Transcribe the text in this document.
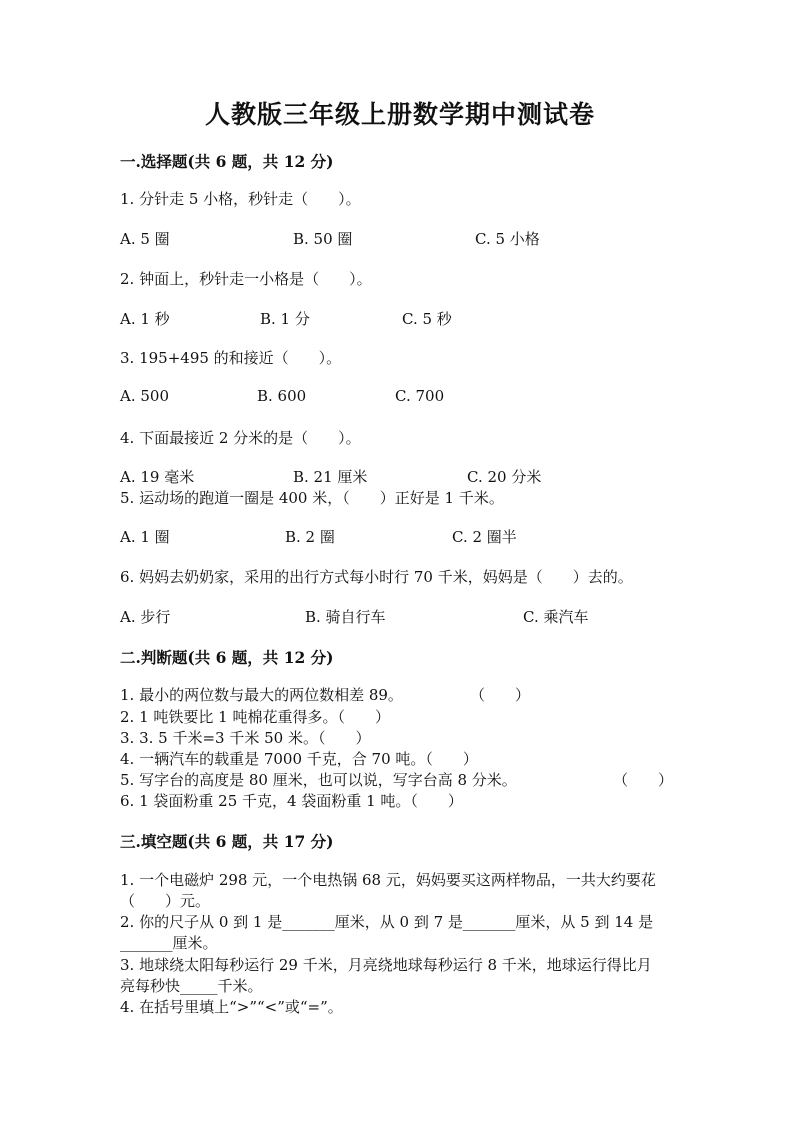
人教版三年级上册数学期中测试卷
一.选择题(共 6 题，共 12 分)
1. 分针走 5 小格，秒针走（　　）。
A. 5 圈	B. 50 圈	C. 5 小格
2. 钟面上，秒针走一小格是（　　）。
A. 1 秒	B. 1 分	C. 5 秒
3. 195+495 的和接近（　　）。
A. 500	B. 600	C. 700
4. 下面最接近 2 分米的是（　　）。
A. 19 毫米	B. 21 厘米	C. 20 分米
5. 运动场的跑道一圈是 400 米，（　　）正好是 1 千米。
A. 1 圈	B. 2 圈	C. 2 圈半
6. 妈妈去奶奶家，采用的出行方式每小时行 70 千米，妈妈是（　　）去的。
A. 步行	B. 骑自行车	C. 乘汽车
二.判断题(共 6 题，共 12 分)
1. 最小的两位数与最大的两位数相差 89。	（　　）
2. 1 吨铁要比 1 吨棉花重得多。（　　）
3. 3. 5 千米=3 千米 50 米。（　　）
4. 一辆汽车的载重是 7000 千克，合 70 吨。（　　）
5. 写字台的高度是 80 厘米，也可以说，写字台高 8 分米。	（　　）
6. 1 袋面粉重 25 千克，4 袋面粉重 1 吨。（　　）
三.填空题(共 6 题，共 17 分)
1. 一个电磁炉 298 元，一个电热锅 68 元，妈妈要买这两样物品，一共大约要花
（　　）元。
2. 你的尺子从 0 到 1 是_______厘米，从 0 到 7 是_______厘米，从 5 到 14 是
_______厘米。
3. 地球绕太阳每秒运行 29 千米，月亮绕地球每秒运行 8 千米，地球运行得比月
亮每秒快_____千米。
4. 在括号里填上“>”“<”或“=”。
